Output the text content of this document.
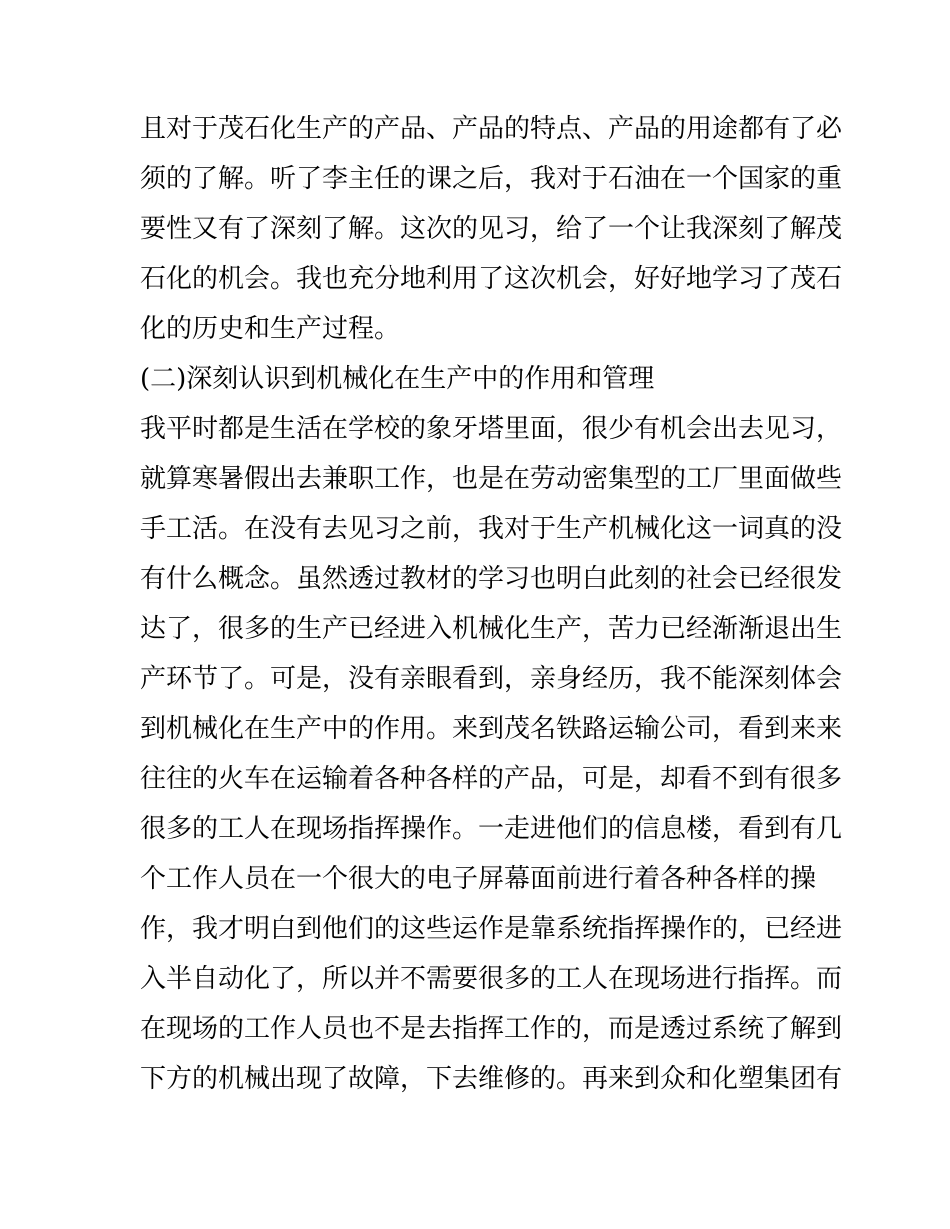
且对于茂石化生产的产品、产品的特点、产品的用途都有了必
须的了解。听了李主任的课之后，我对于石油在一个国家的重
要性又有了深刻了解。这次的见习，给了一个让我深刻了解茂
石化的机会。我也充分地利用了这次机会，好好地学习了茂石
化的历史和生产过程。
(二)深刻认识到机械化在生产中的作用和管理
我平时都是生活在学校的象牙塔里面，很少有机会出去见习，
就算寒暑假出去兼职工作，也是在劳动密集型的工厂里面做些
手工活。在没有去见习之前，我对于生产机械化这一词真的没
有什么概念。虽然透过教材的学习也明白此刻的社会已经很发
达了，很多的生产已经进入机械化生产，苦力已经渐渐退出生
产环节了。可是，没有亲眼看到，亲身经历，我不能深刻体会
到机械化在生产中的作用。来到茂名铁路运输公司，看到来来
往往的火车在运输着各种各样的产品，可是，却看不到有很多
很多的工人在现场指挥操作。一走进他们的信息楼，看到有几
个工作人员在一个很大的电子屏幕面前进行着各种各样的操
作，我才明白到他们的这些运作是靠系统指挥操作的，已经进
入半自动化了，所以并不需要很多的工人在现场进行指挥。而
在现场的工作人员也不是去指挥工作的，而是透过系统了解到
下方的机械出现了故障，下去维修的。再来到众和化塑集团有
